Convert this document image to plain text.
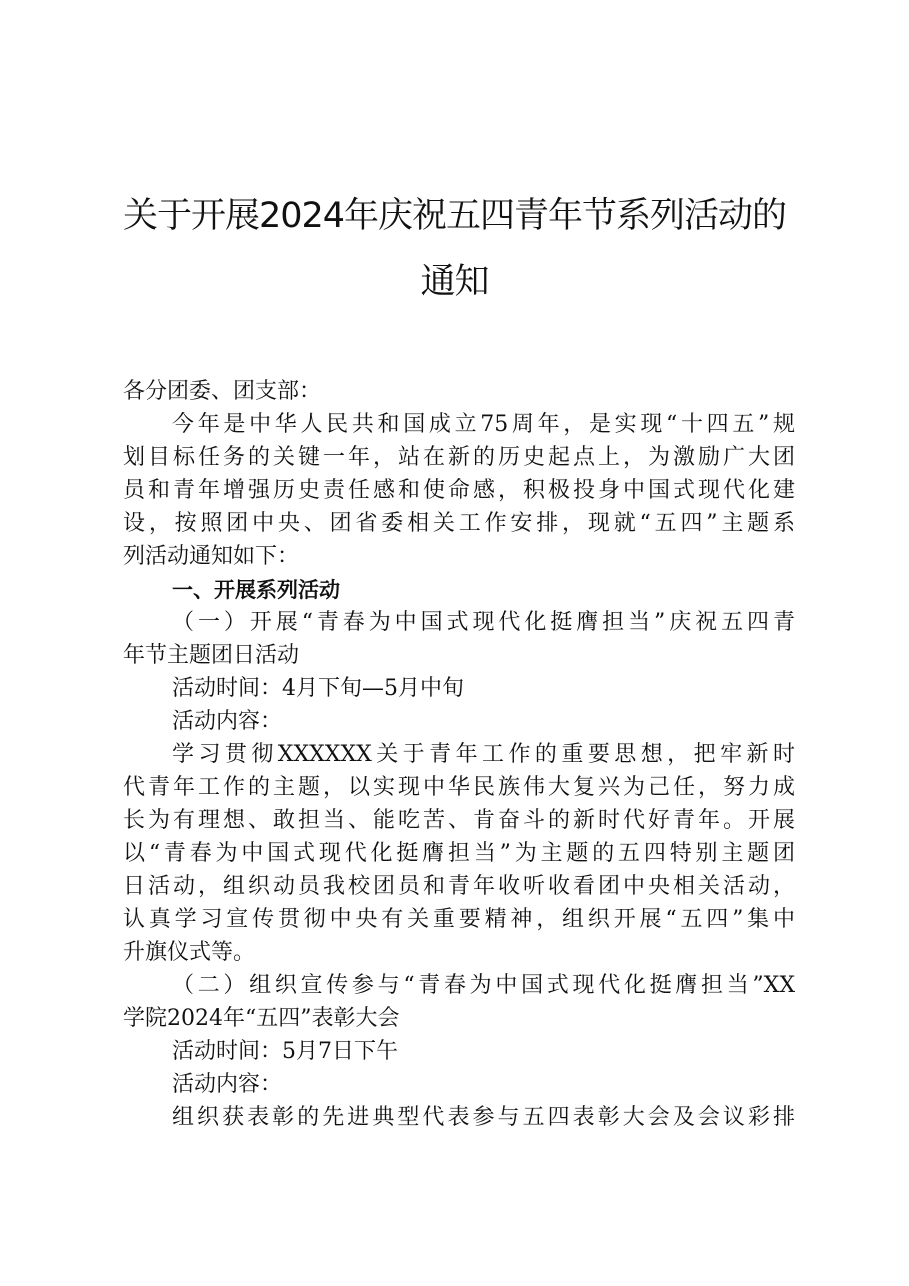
关于开展2024年庆祝五四青年节系列活动的
通知

各分团委、团支部：

今年是中华人民共和国成立75周年，是实现“十四五”规

划目标任务的关键一年，站在新的历史起点上，为激励广大团

员和青年增强历史责任感和使命感，积极投身中国式现代化建

设，按照团中央、团省委相关工作安排，现就“五四”主题系

列活动通知如下：

一、开展系列活动

（一）开展“青春为中国式现代化挺膺担当”庆祝五四青

年节主题团日活动

活动时间：4月下旬—5月中旬

活动内容：

学习贯彻XXXXXX关于青年工作的重要思想，把牢新时

代青年工作的主题，以实现中华民族伟大复兴为己任，努力成

长为有理想、敢担当、能吃苦、肯奋斗的新时代好青年。开展

以“青春为中国式现代化挺膺担当”为主题的五四特别主题团

日活动，组织动员我校团员和青年收听收看团中央相关活动，

认真学习宣传贯彻中央有关重要精神，组织开展“五四”集中

升旗仪式等。

（二）组织宣传参与“青春为中国式现代化挺膺担当”XX

学院2024年“五四”表彰大会

活动时间：5月7日下午

活动内容：

组织获表彰的先进典型代表参与五四表彰大会及会议彩排
